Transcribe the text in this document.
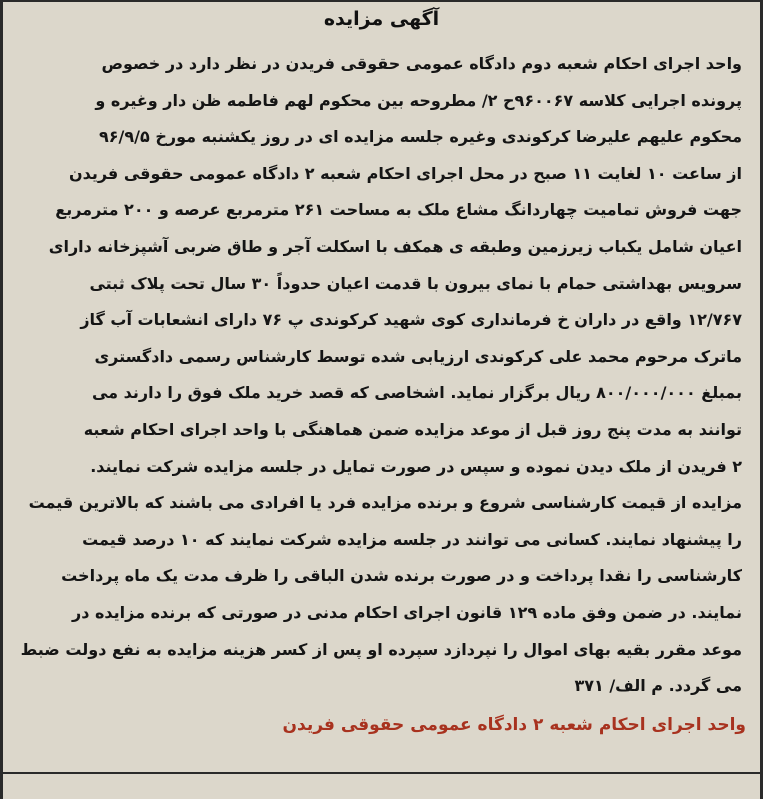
آگهی مزایده
واحد اجرای احکام شعبه دوم دادگاه عمومی حقوقی فریدن در نظر دارد در خصوص
پرونده اجرایی کلاسه ۹۶۰۰۶۷ح ۲/ مطروحه بین محکوم لهم فاطمه ظن دار وغیره و
محکوم علیهم علیرضا کرکوندی وغیره جلسه مزایده ای در روز یکشنبه مورخ ۹۶/۹/۵
از ساعت ۱۰ لغایت ۱۱ صبح در محل اجرای احکام شعبه ۲ دادگاه عمومی حقوقی فریدن
جهت فروش تمامیت چهاردانگ مشاع ملک به مساحت ۲۶۱ مترمربع عرصه و ۲۰۰ مترمربع
اعیان شامل یکباب زیرزمین وطبقه ی همکف با اسکلت آجر و طاق ضربی آشپزخانه دارای
سرویس بهداشتی حمام با نمای بیرون با قدمت اعیان حدوداً ۳۰ سال تحت پلاک ثبتی
۱۲/۷۶۷ واقع در داران خ فرمانداری کوی شهید کرکوندی پ ۷۶ دارای انشعابات آب گاز
ماترک مرحوم محمد علی کرکوندی ارزیابی شده توسط کارشناس رسمی دادگستری
بمبلغ ۸۰۰/۰۰۰/۰۰۰ ریال برگزار نماید. اشخاصی که قصد خرید ملک فوق را دارند می
توانند به مدت پنج روز قبل از موعد مزایده ضمن هماهنگی با واحد اجرای احکام شعبه
۲ فریدن از ملک دیدن نموده و سپس در صورت تمایل در جلسه مزایده شرکت نمایند.
مزایده از قیمت کارشناسی شروع و برنده مزایده فرد یا افرادی می باشند که بالاترین قیمت
را پیشنهاد نمایند. کسانی می توانند در جلسه مزایده شرکت نمایند که ۱۰ درصد قیمت
کارشناسی را نقدا پرداخت و در صورت برنده شدن الباقی را ظرف مدت یک ماه پرداخت
نمایند. در ضمن وفق ماده ۱۲۹ قانون اجرای احکام مدنی در صورتی که برنده مزایده در
موعد مقرر بقیه بهای اموال را نپردازد سپرده او پس از کسر هزینه مزایده به نفع دولت ضبط
می گردد. م الف/ ۳۷۱
واحد اجرای احکام شعبه ۲ دادگاه عمومی حقوقی فریدن
